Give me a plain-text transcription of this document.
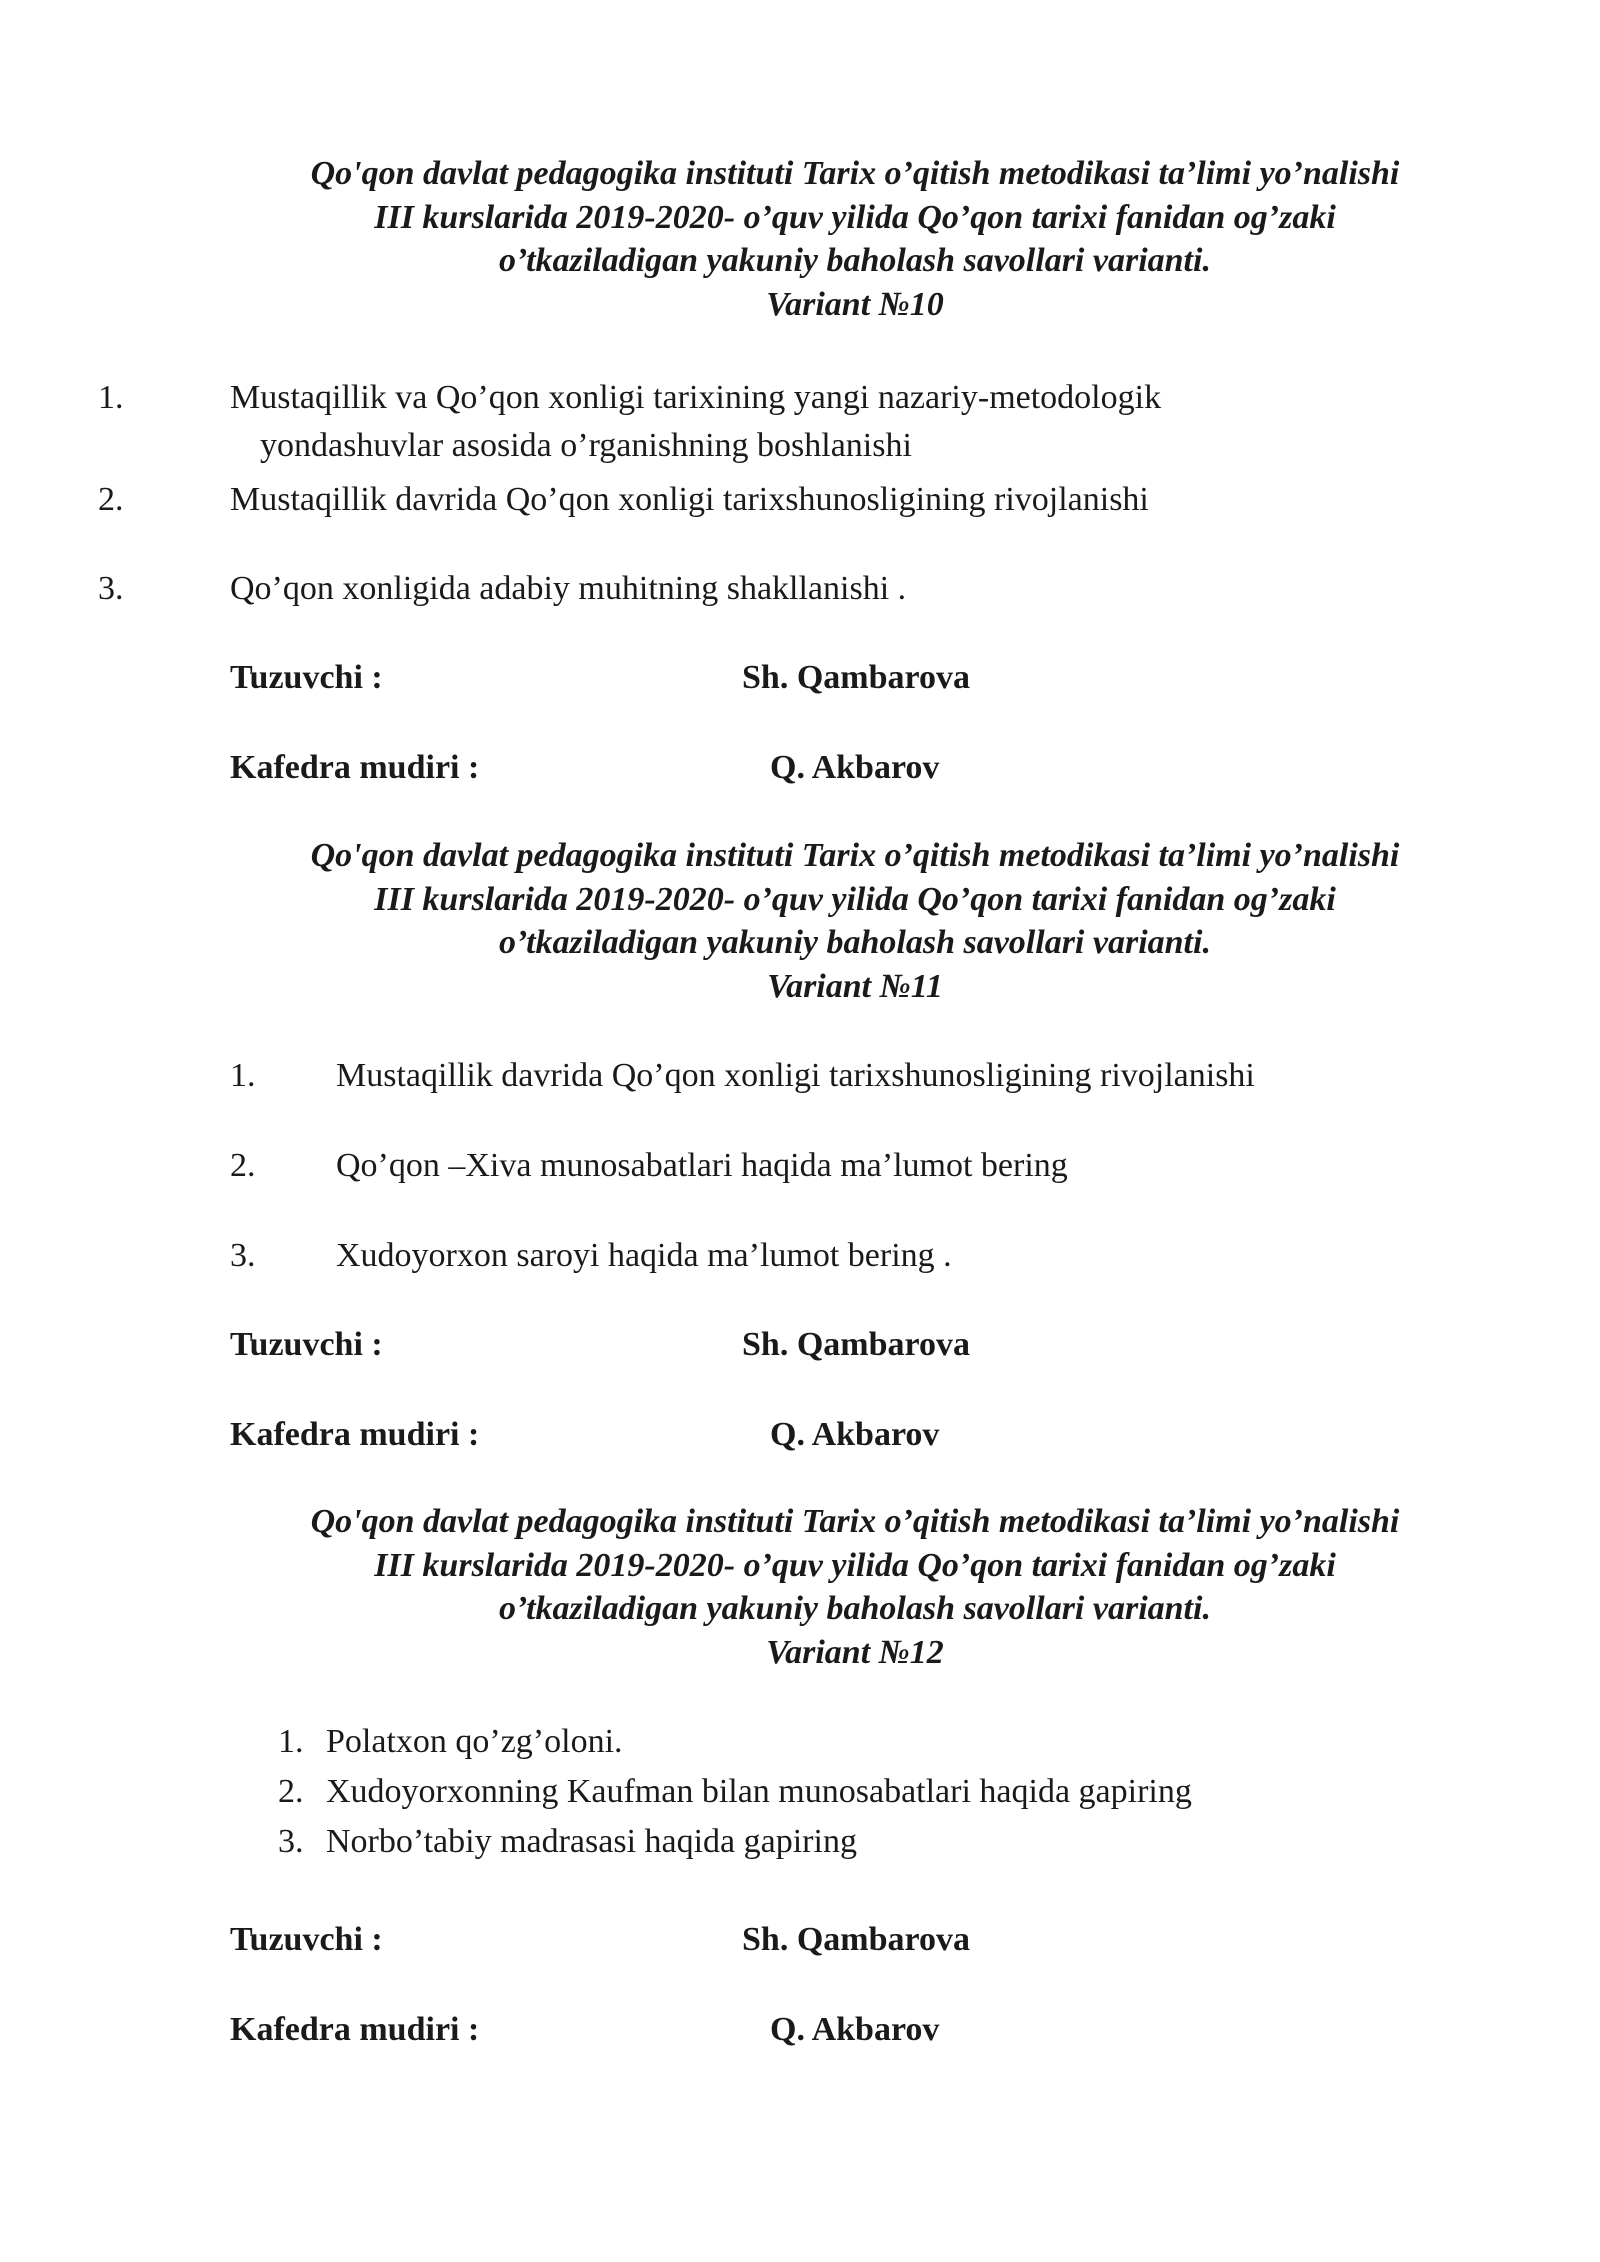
Qo'qon davlat pedagogika instituti Tarix o’qitish metodikasi ta’limi yo’nalishi
III kurslarida 2019-2020- o’quv yilida Qo’qon tarixi fanidan og’zaki
o’tkaziladigan yakuniy baholash savollari varianti.
Variant №10
1.	Mustaqillik va Qo’qon xonligi tarixining yangi nazariy-metodologik
yondashuvlar asosida o’rganishning boshlanishi
2.	Mustaqillik davrida Qo’qon xonligi tarixshunosligining rivojlanishi
3.	Qo’qon xonligida adabiy muhitning shakllanishi .
Tuzuvchi :	Sh. Qambarova
Kafedra mudiri :	Q. Akbarov
Qo'qon davlat pedagogika instituti Tarix o’qitish metodikasi ta’limi yo’nalishi
III kurslarida 2019-2020- o’quv yilida Qo’qon tarixi fanidan og’zaki
o’tkaziladigan yakuniy baholash savollari varianti.
Variant №11
1. Mustaqillik davrida Qo’qon xonligi tarixshunosligining rivojlanishi
2. Qo’qon –Xiva munosabatlari haqida ma’lumot bering
3. Xudoyorxon saroyi haqida ma’lumot bering .
Tuzuvchi :	Sh. Qambarova
Kafedra mudiri :	Q. Akbarov
Qo'qon davlat pedagogika instituti Tarix o’qitish metodikasi ta’limi yo’nalishi
III kurslarida 2019-2020- o’quv yilida Qo’qon tarixi fanidan og’zaki
o’tkaziladigan yakuniy baholash savollari varianti.
Variant №12
1. Polatxon qo’zg’oloni.
2. Xudoyorxonning Kaufman bilan munosabatlari haqida gapiring
3. Norbo’tabiy madrasasi haqida gapiring
Tuzuvchi :	Sh. Qambarova
Kafedra mudiri :	Q. Akbarov
